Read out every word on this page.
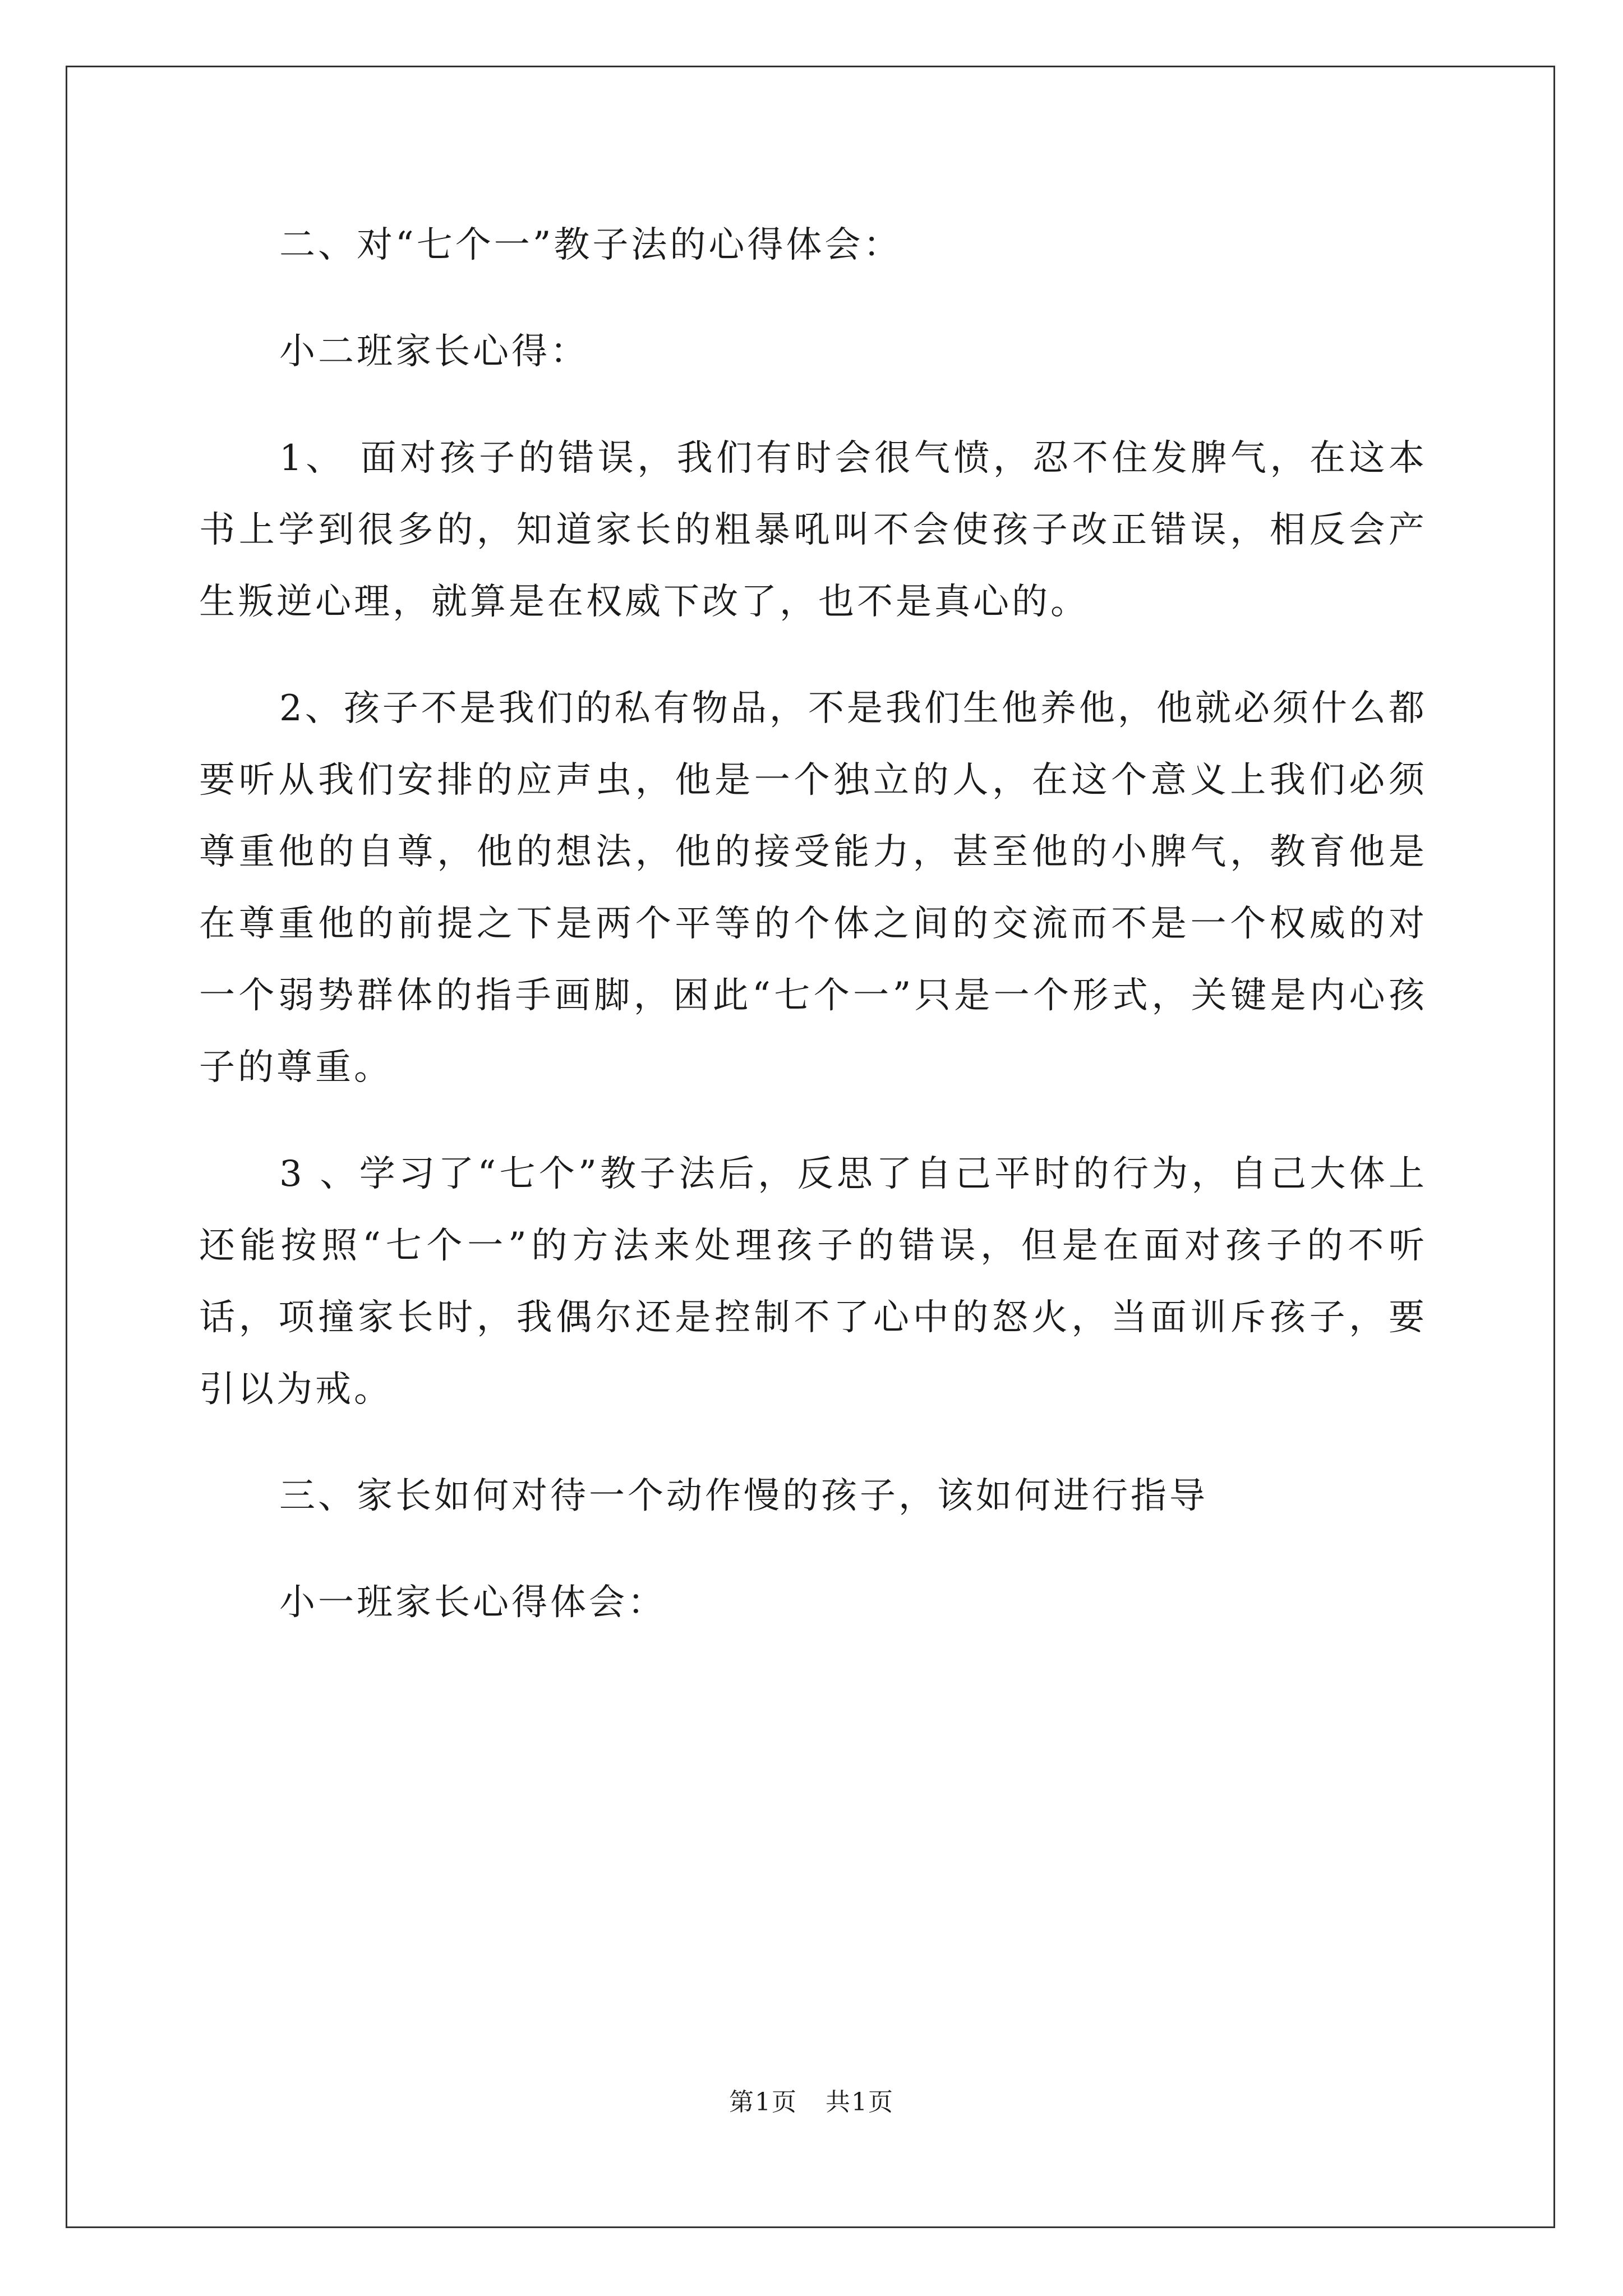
二、对“七个一”教子法的心得体会：

小二班家长心得：

1、 面对孩子的错误，我们有时会很气愤，忍不住发脾气，在这本书上学到很多的，知道家长的粗暴吼叫不会使孩子改正错误，相反会产生叛逆心理，就算是在权威下改了，也不是真心的。

2、孩子不是我们的私有物品，不是我们生他养他，他就必须什么都要听从我们安排的应声虫，他是一个独立的人，在这个意义上我们必须尊重他的自尊，他的想法，他的接受能力，甚至他的小脾气，教育他是在尊重他的前提之下是两个平等的个体之间的交流而不是一个权威的对一个弱势群体的指手画脚，困此“七个一”只是一个形式，关键是内心孩子的尊重。

3 、学习了“七个”教子法后，反思了自己平时的行为，自己大体上还能按照“七个一”的方法来处理孩子的错误，但是在面对孩子的不听话，项撞家长时，我偶尔还是控制不了心中的怒火，当面训斥孩子，要引以为戒。

三、家长如何对待一个动作慢的孩子，该如何进行指导

小一班家长心得体会：

第1页 共1页
